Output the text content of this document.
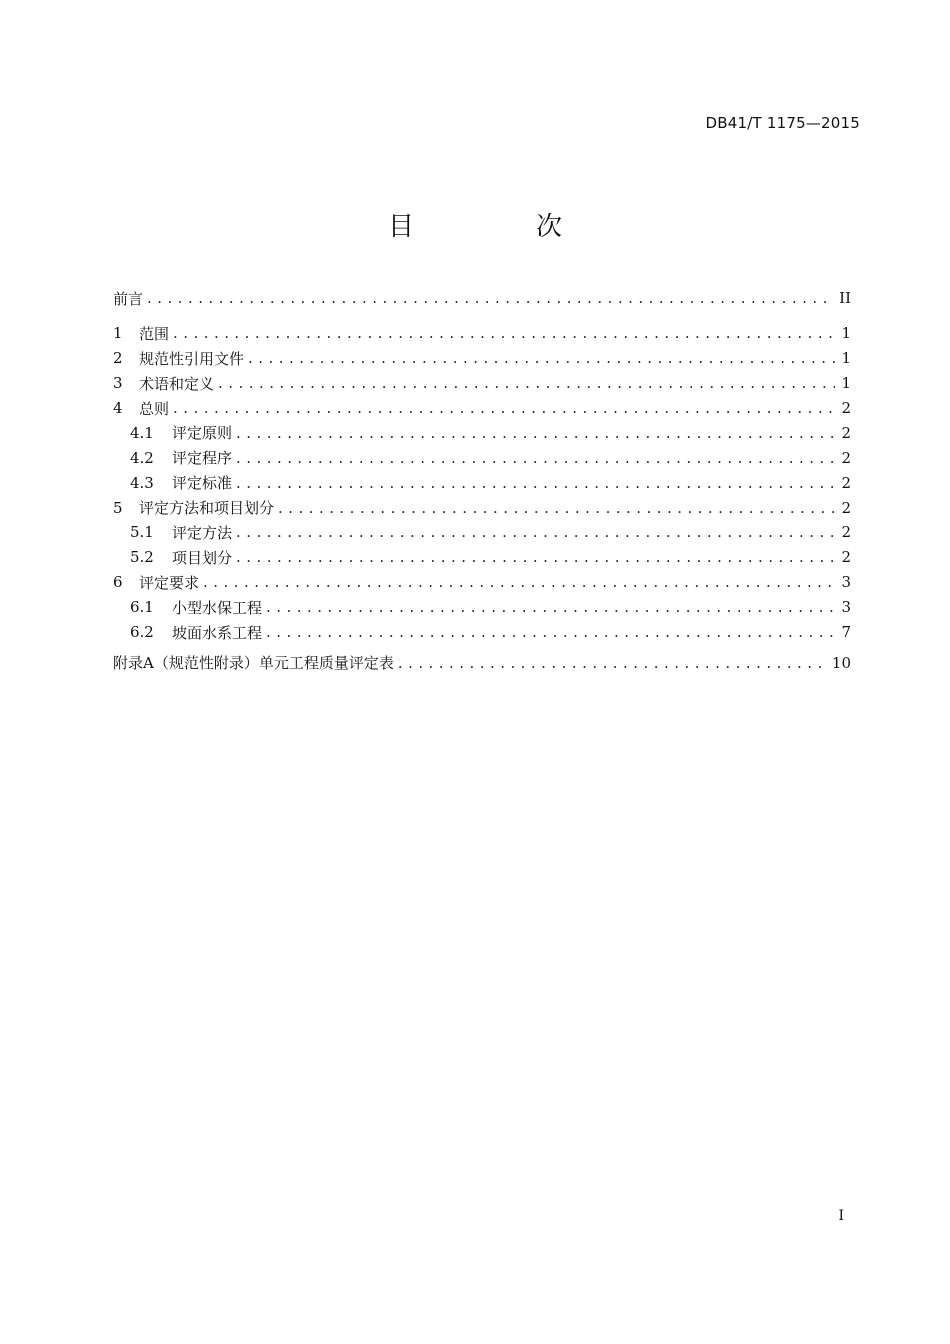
DB41/T 1175—2015
目　次
前言 . . .	II
1	范围 . . .	1
2	规范性引用文件 . . .	1
3	术语和定义 . . .	1
4	总则 . . .	2
4.1	评定原则 . . .	2
4.2	评定程序 . . .	2
4.3	评定标准 . . .	2
5	评定方法和项目划分 . . .	2
5.1	评定方法 . . .	2
5.2	项目划分 . . .	2
6	评定要求 . . .	3
6.1	小型水保工程 . . .	3
6.2	坡面水系工程 . . .	7
附录A（规范性附录）单元工程质量评定表 . . .	10
I
